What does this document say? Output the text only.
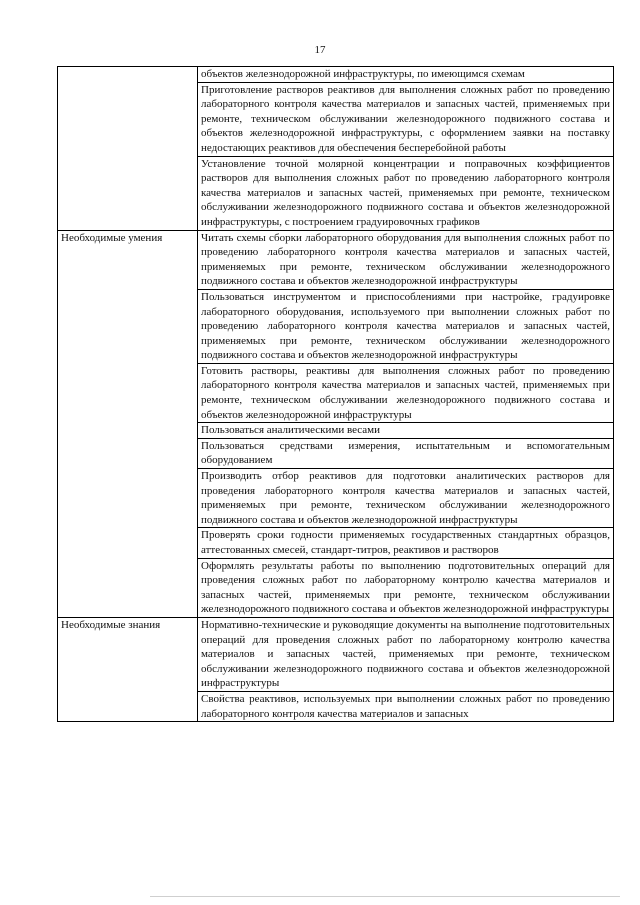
17
	объектов железнодорожной инфраструктуры, по имеющимся схемам
	Приготовление растворов реактивов для выполнения сложных работ по проведению лабораторного контроля качества материалов и запасных частей, применяемых при ремонте, техническом обслуживании железнодорожного подвижного состава и объектов железнодорожной инфраструктуры, с оформлением заявки на поставку недостающих реактивов для обеспечения бесперебойной работы
	Установление точной молярной концентрации и поправочных коэффициентов растворов для выполнения сложных работ по проведению лабораторного контроля качества материалов и запасных частей, применяемых при ремонте, техническом обслуживании железнодорожного подвижного состава и объектов железнодорожной инфраструктуры, с построением градуировочных графиков
Необходимые умения	Читать схемы сборки лабораторного оборудования для выполнения сложных работ по проведению лабораторного контроля качества материалов и запасных частей, применяемых при ремонте, техническом обслуживании железнодорожного подвижного состава и объектов железнодорожной инфраструктуры
	Пользоваться инструментом и приспособлениями при настройке, градуировке лабораторного оборудования, используемого при выполнении сложных работ по проведению лабораторного контроля качества материалов и запасных частей, применяемых при ремонте, техническом обслуживании железнодорожного подвижного состава и объектов железнодорожной инфраструктуры
	Готовить растворы, реактивы для выполнения сложных работ по проведению лабораторного контроля качества материалов и запасных частей, применяемых при ремонте, техническом обслуживании железнодорожного подвижного состава и объектов железнодорожной инфраструктуры
	Пользоваться аналитическими весами
	Пользоваться средствами измерения, испытательным и вспомогательным оборудованием
	Производить отбор реактивов для подготовки аналитических растворов для проведения лабораторного контроля качества материалов и запасных частей, применяемых при ремонте, техническом обслуживании железнодорожного подвижного состава и объектов железнодорожной инфраструктуры
	Проверять сроки годности применяемых государственных стандартных образцов, аттестованных смесей, стандарт-титров, реактивов и растворов
	Оформлять результаты работы по выполнению подготовительных операций для проведения сложных работ по лабораторному контролю качества материалов и запасных частей, применяемых при ремонте, техническом обслуживании железнодорожного подвижного состава и объектов железнодорожной инфраструктуры
Необходимые знания	Нормативно-технические и руководящие документы на выполнение подготовительных операций для проведения сложных работ по лабораторному контролю качества материалов и запасных частей, применяемых при ремонте, техническом обслуживании железнодорожного подвижного состава и объектов железнодорожной инфраструктуры
	Свойства реактивов, используемых при выполнении сложных работ по проведению лабораторного контроля качества материалов и запасных
